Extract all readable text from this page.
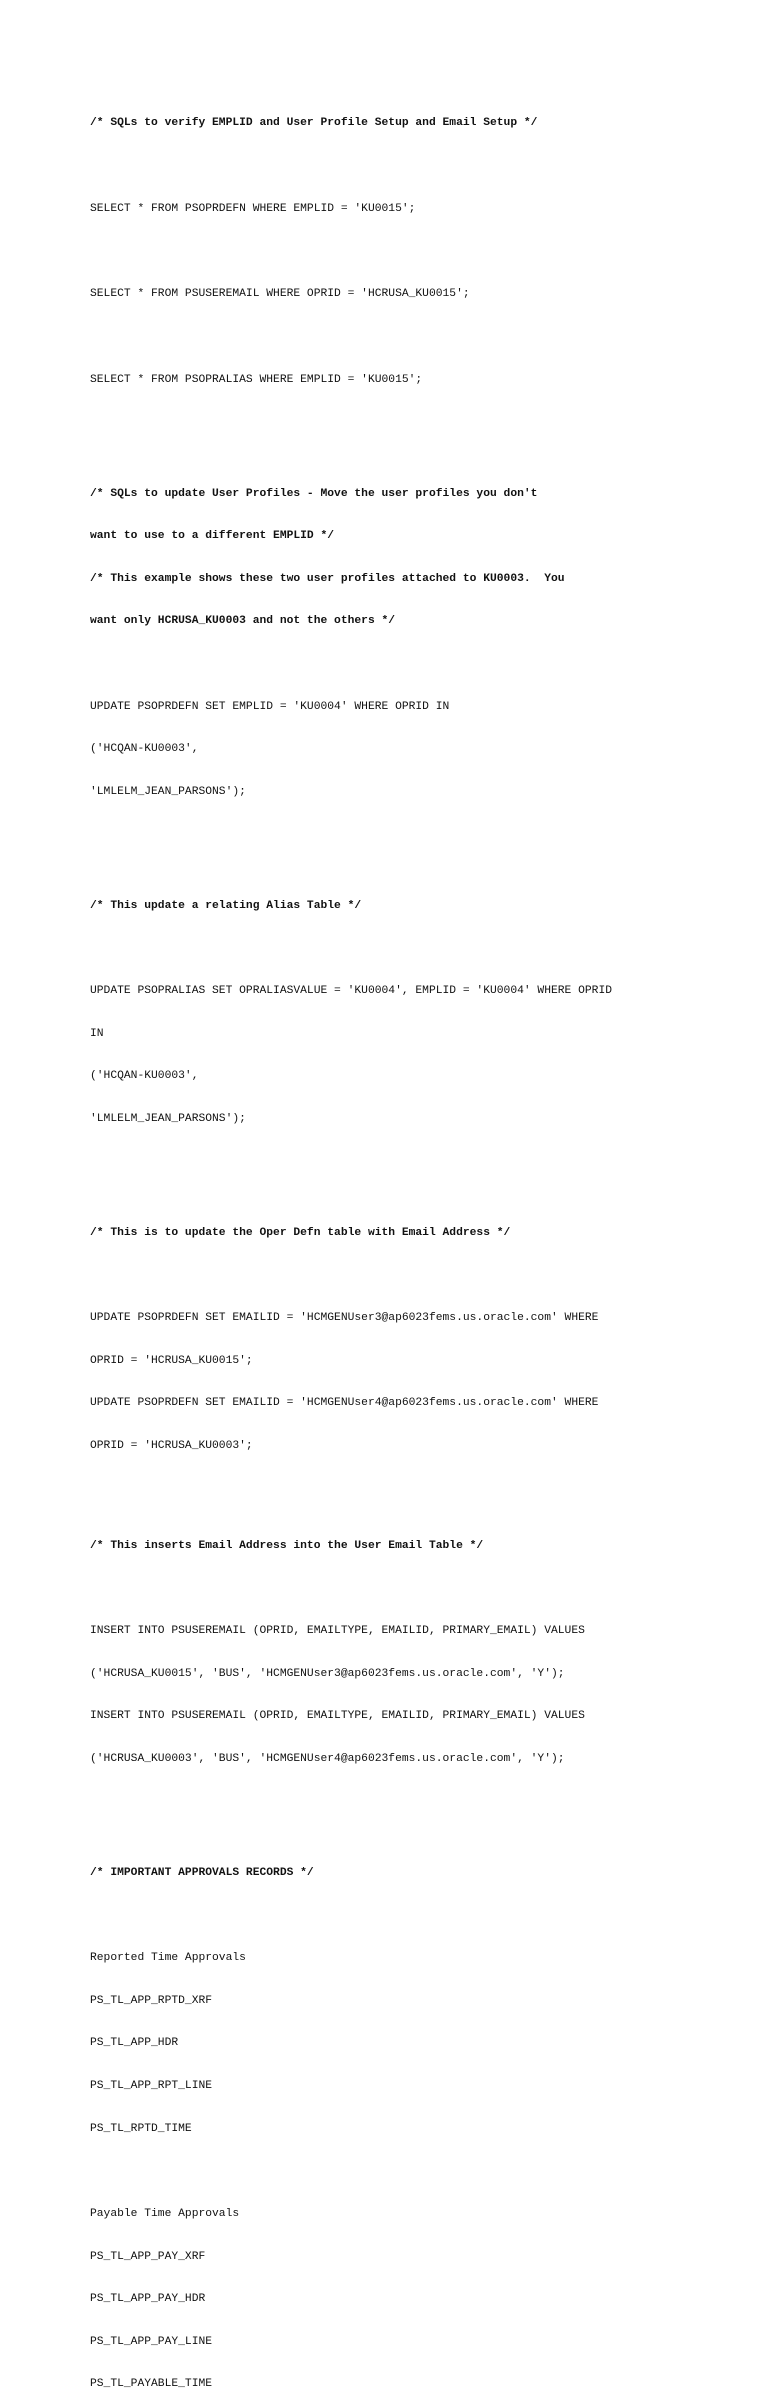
/* SQLs to verify EMPLID and User Profile Setup and Email Setup */

SELECT * FROM PSOPRDEFN WHERE EMPLID = 'KU0015';

SELECT * FROM PSUSEREMAIL WHERE OPRID = 'HCRUSA_KU0015';

SELECT * FROM PSOPRALIAS WHERE EMPLID = 'KU0015';

/* SQLs to update User Profiles - Move the user profiles you don't

want to use to a different EMPLID */

/* This example shows these two user profiles attached to KU0003.  You

want only HCRUSA_KU0003 and not the others */

UPDATE PSOPRDEFN SET EMPLID = 'KU0004' WHERE OPRID IN

('HCQAN-KU0003',

'LMLELM_JEAN_PARSONS');

/* This update a relating Alias Table */

UPDATE PSOPRALIAS SET OPRALIASVALUE = 'KU0004', EMPLID = 'KU0004' WHERE OPRID

IN

('HCQAN-KU0003',

'LMLELM_JEAN_PARSONS');

/* This is to update the Oper Defn table with Email Address */

UPDATE PSOPRDEFN SET EMAILID = 'HCMGENUser3@ap6023fems.us.oracle.com' WHERE

OPRID = 'HCRUSA_KU0015';

UPDATE PSOPRDEFN SET EMAILID = 'HCMGENUser4@ap6023fems.us.oracle.com' WHERE

OPRID = 'HCRUSA_KU0003';

/* This inserts Email Address into the User Email Table */

INSERT INTO PSUSEREMAIL (OPRID, EMAILTYPE, EMAILID, PRIMARY_EMAIL) VALUES

('HCRUSA_KU0015', 'BUS', 'HCMGENUser3@ap6023fems.us.oracle.com', 'Y');

INSERT INTO PSUSEREMAIL (OPRID, EMAILTYPE, EMAILID, PRIMARY_EMAIL) VALUES

('HCRUSA_KU0003', 'BUS', 'HCMGENUser4@ap6023fems.us.oracle.com', 'Y');

/* IMPORTANT APPROVALS RECORDS */

Reported Time Approvals

PS_TL_APP_RPTD_XRF

PS_TL_APP_HDR

PS_TL_APP_RPT_LINE

PS_TL_RPTD_TIME

Payable Time Approvals

PS_TL_APP_PAY_XRF

PS_TL_APP_PAY_HDR

PS_TL_APP_PAY_LINE

PS_TL_PAYABLE_TIME
